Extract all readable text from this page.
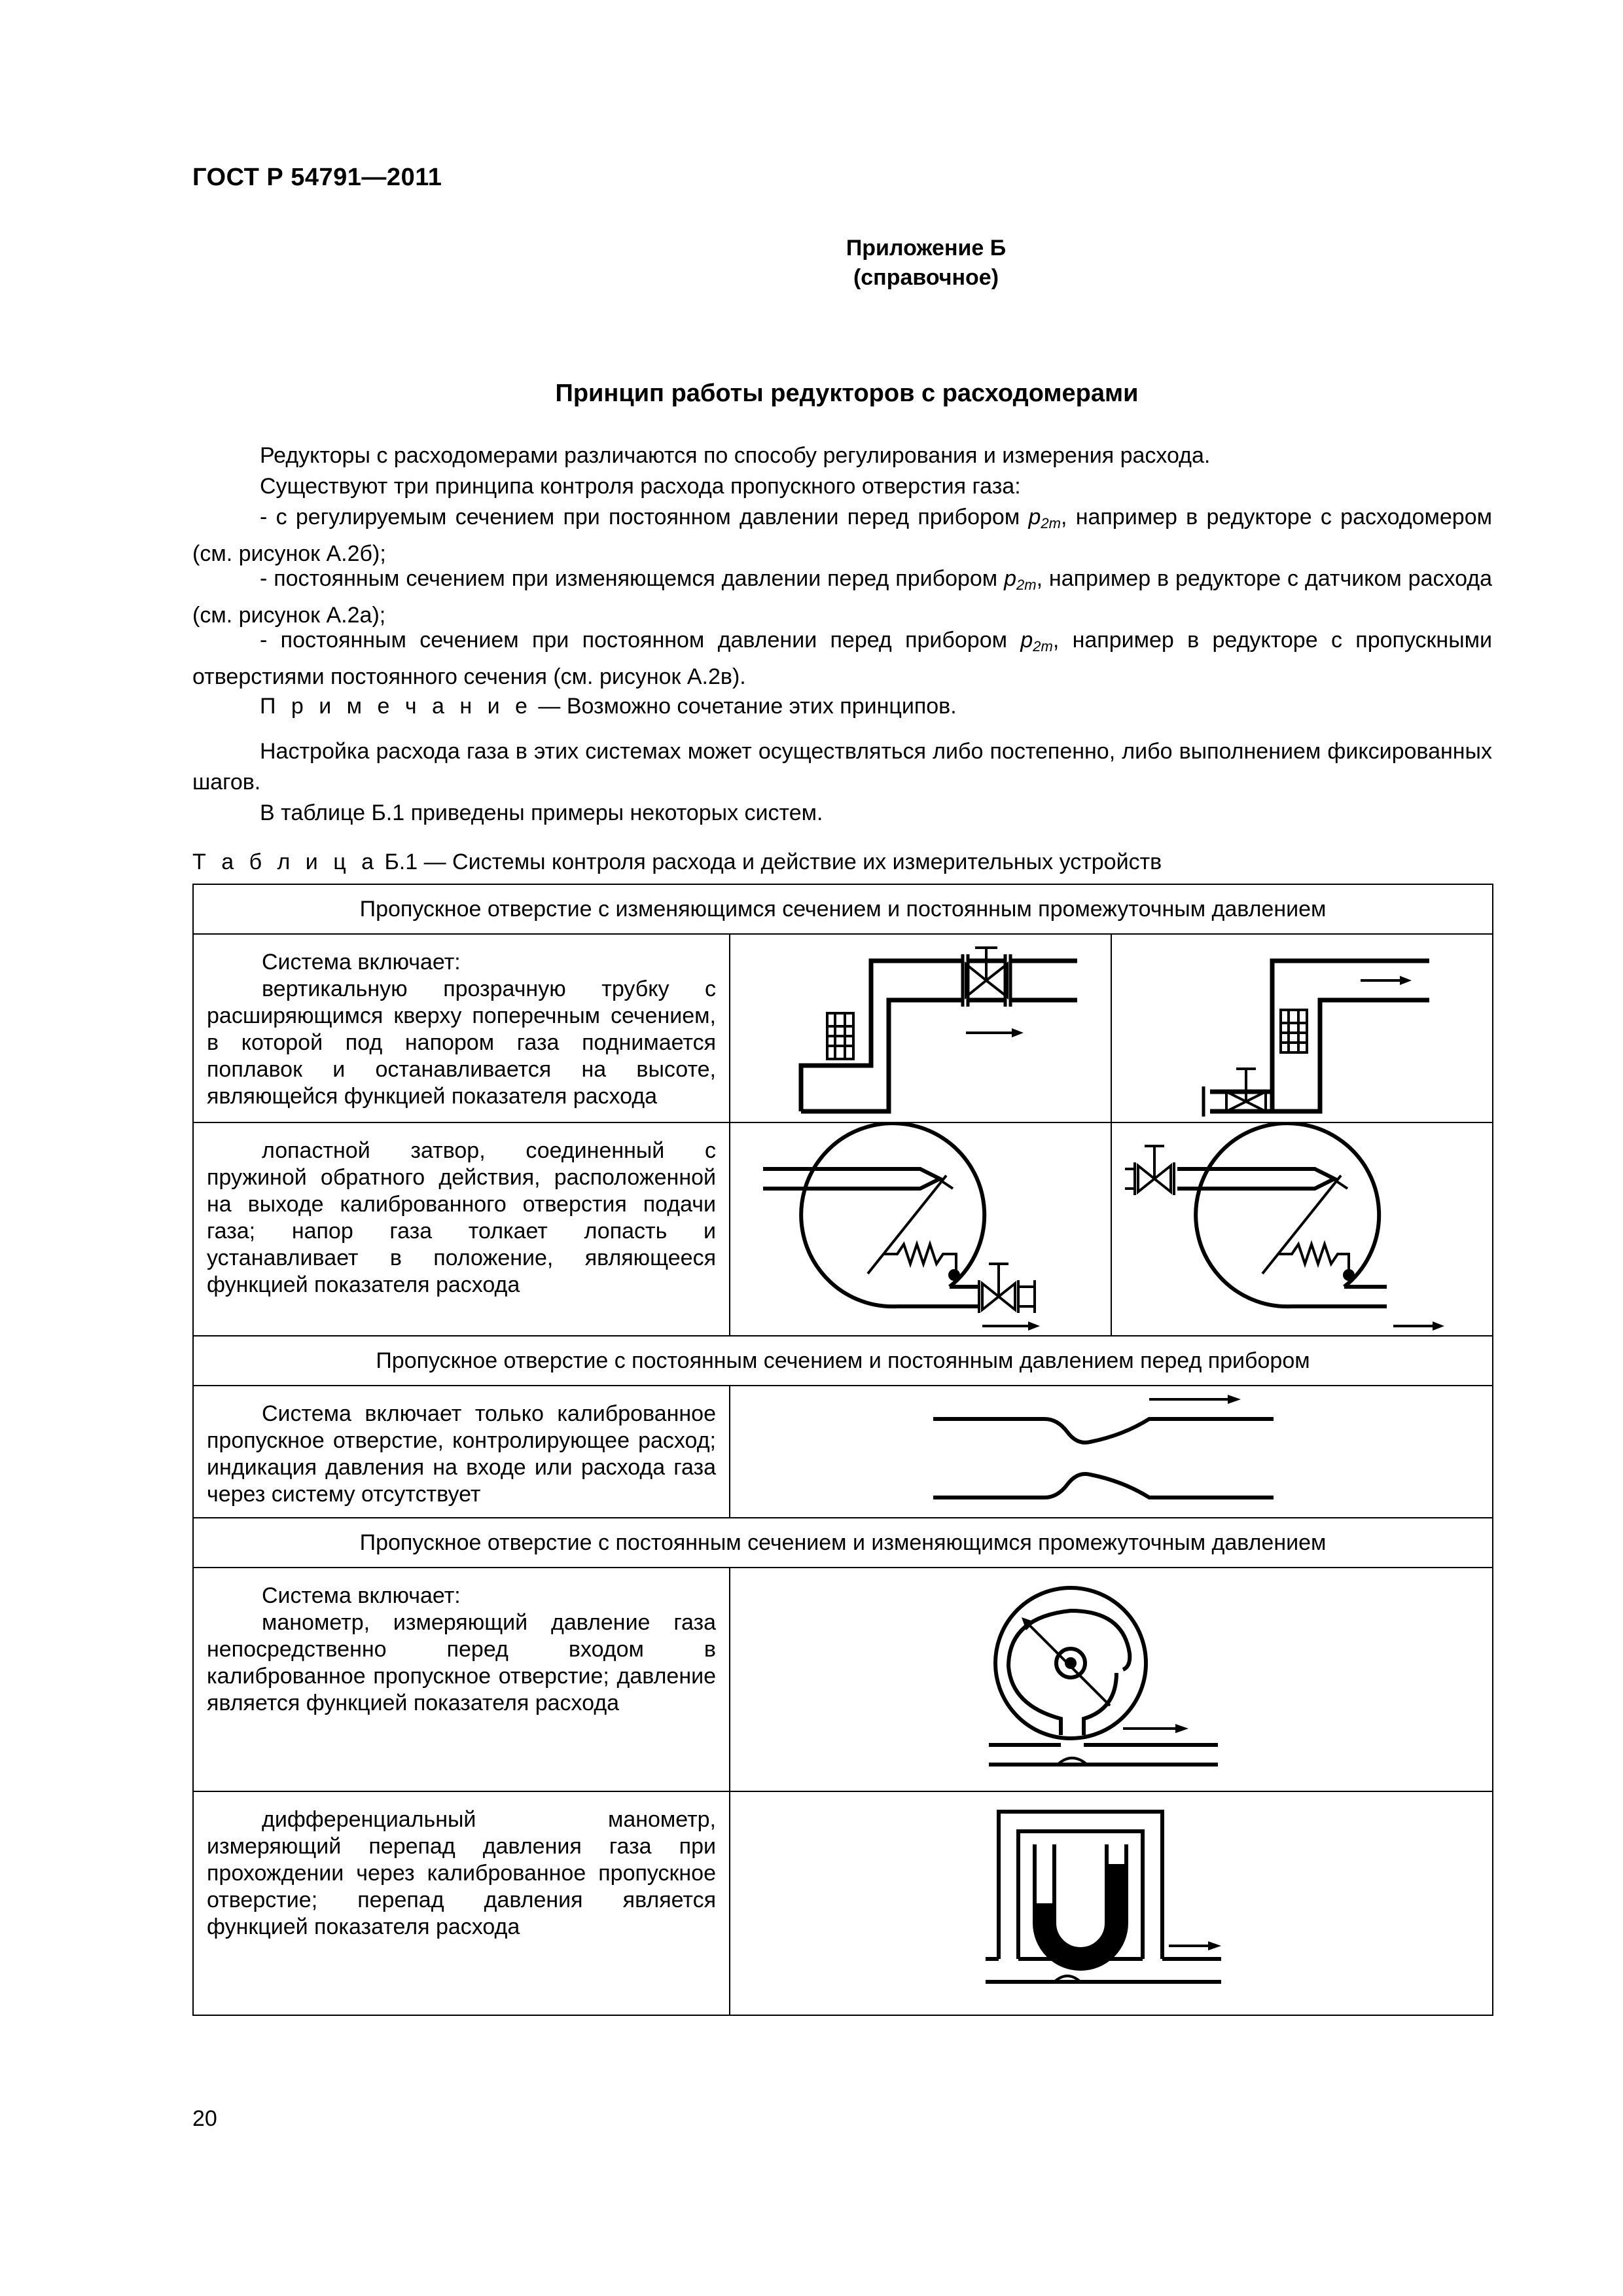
ГОСТ Р 54791—2011
Приложение Б
(справочное)
Принцип работы редукторов с расходомерами
Редукторы с расходомерами различаются по способу регулирования и измерения расхода.
Существуют три принципа контроля расхода пропускного отверстия газа:
- с регулируемым сечением при постоянном давлении перед прибором $p_{2m}$, например в редукторе с расходомером (см. рисунок А.2б);
- постоянным сечением при изменяющемся давлении перед прибором $p_{2m}$, например в редукторе с датчиком расхода (см. рисунок А.2а);
- постоянным сечением при постоянном давлении перед прибором $p_{2m}$, например в редукторе с пропускными отверстиями постоянного сечения (см. рисунок А.2в).
П р и м е ч а н и е — Возможно сочетание этих принципов.
Настройка расхода газа в этих системах может осуществляться либо постепенно, либо выполнением фиксированных шагов.
В таблице Б.1 приведены примеры некоторых систем.
Т а б л и ц а Б.1 — Системы контроля расхода и действие их измерительных устройств
Пропускное отверстие с изменяющимся сечением и постоянным промежуточным давлением		

Система включает:

вертикальную прозрачную трубку с расширяющимся кверху поперечным сечением, в которой под напором газа поднимается поплавок и останавливается на высоте, являющейся функцией показателя расхода

лопастной затвор, соединенный с пружиной обратного действия, расположенной на выходе калиброванного отверстия подачи газа; напор газа толкает лопасть и устанавливает в положение, являющееся функцией показателя расхода

Пропускное отверстие с постоянным сечением и постоянным давлением перед прибором		

Система включает только калиброванное пропускное отверстие, контролирующее расход; индикация давления на входе или расхода газа через систему отсутствует

Пропускное отверстие с постоянным сечением и изменяющимся промежуточным давлением		

Система включает:

манометр, измеряющий давление газа непосредственно перед входом в калиброванное пропускное отверстие; давление является функцией показателя расхода

дифференциальный манометр, измеряющий перепад давления газа при прохождении через калиброванное пропускное отверстие; перепад давления является функцией показателя расхода

20
